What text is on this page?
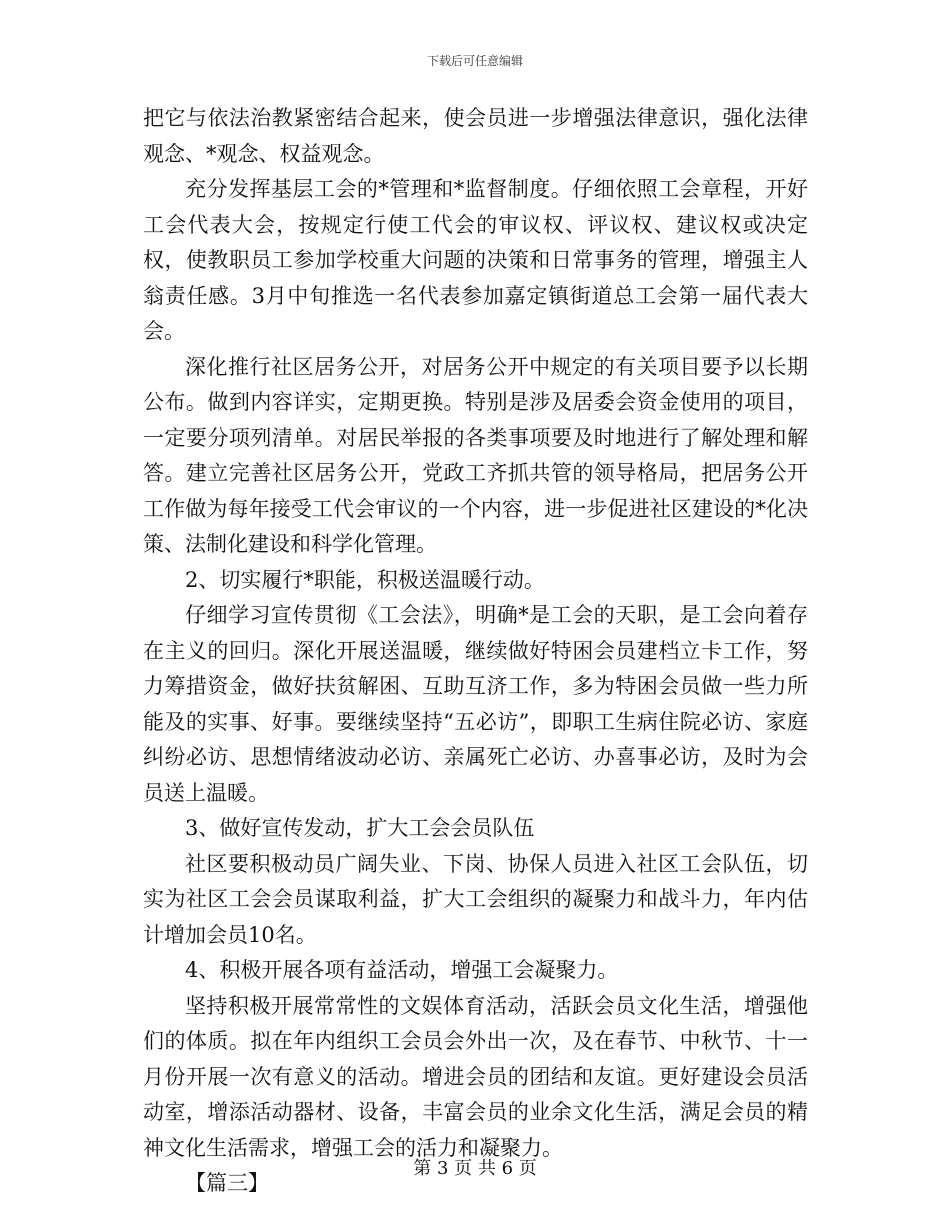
下载后可任意编辑

把它与依法治教紧密结合起来，使会员进一步增强法律意识，强化法律观念、*观念、权益观念。

充分发挥基层工会的*管理和*监督制度。仔细依照工会章程，开好工会代表大会，按规定行使工代会的审议权、评议权、建议权或决定权，使教职员工参加学校重大问题的决策和日常事务的管理，增强主人翁责任感。3月中旬推选一名代表参加嘉定镇街道总工会第一届代表大会。

深化推行社区居务公开，对居务公开中规定的有关项目要予以长期公布。做到内容详实，定期更换。特别是涉及居委会资金使用的项目，一定要分项列清单。对居民举报的各类事项要及时地进行了解处理和解答。建立完善社区居务公开，党政工齐抓共管的领导格局，把居务公开工作做为每年接受工代会审议的一个内容，进一步促进社区建设的*化决策、法制化建设和科学化管理。

2、切实履行*职能，积极送温暖行动。

仔细学习宣传贯彻《工会法》，明确*是工会的天职，是工会向着存在主义的回归。深化开展送温暖，继续做好特困会员建档立卡工作，努力筹措资金，做好扶贫解困、互助互济工作，多为特困会员做一些力所能及的实事、好事。要继续坚持“五必访”，即职工生病住院必访、家庭纠纷必访、思想情绪波动必访、亲属死亡必访、办喜事必访，及时为会员送上温暖。

3、做好宣传发动，扩大工会会员队伍

社区要积极动员广阔失业、下岗、协保人员进入社区工会队伍，切实为社区工会会员谋取利益，扩大工会组织的凝聚力和战斗力，年内估计增加会员10名。

4、积极开展各项有益活动，增强工会凝聚力。

坚持积极开展常常性的文娱体育活动，活跃会员文化生活，增强他们的体质。拟在年内组织工会员会外出一次，及在春节、中秋节、十一月份开展一次有意义的活动。增进会员的团结和友谊。更好建设会员活动室，增添活动器材、设备，丰富会员的业余文化生活，满足会员的精神文化生活需求，增强工会的活力和凝聚力。

【篇三】

第 3 页 共 6 页
